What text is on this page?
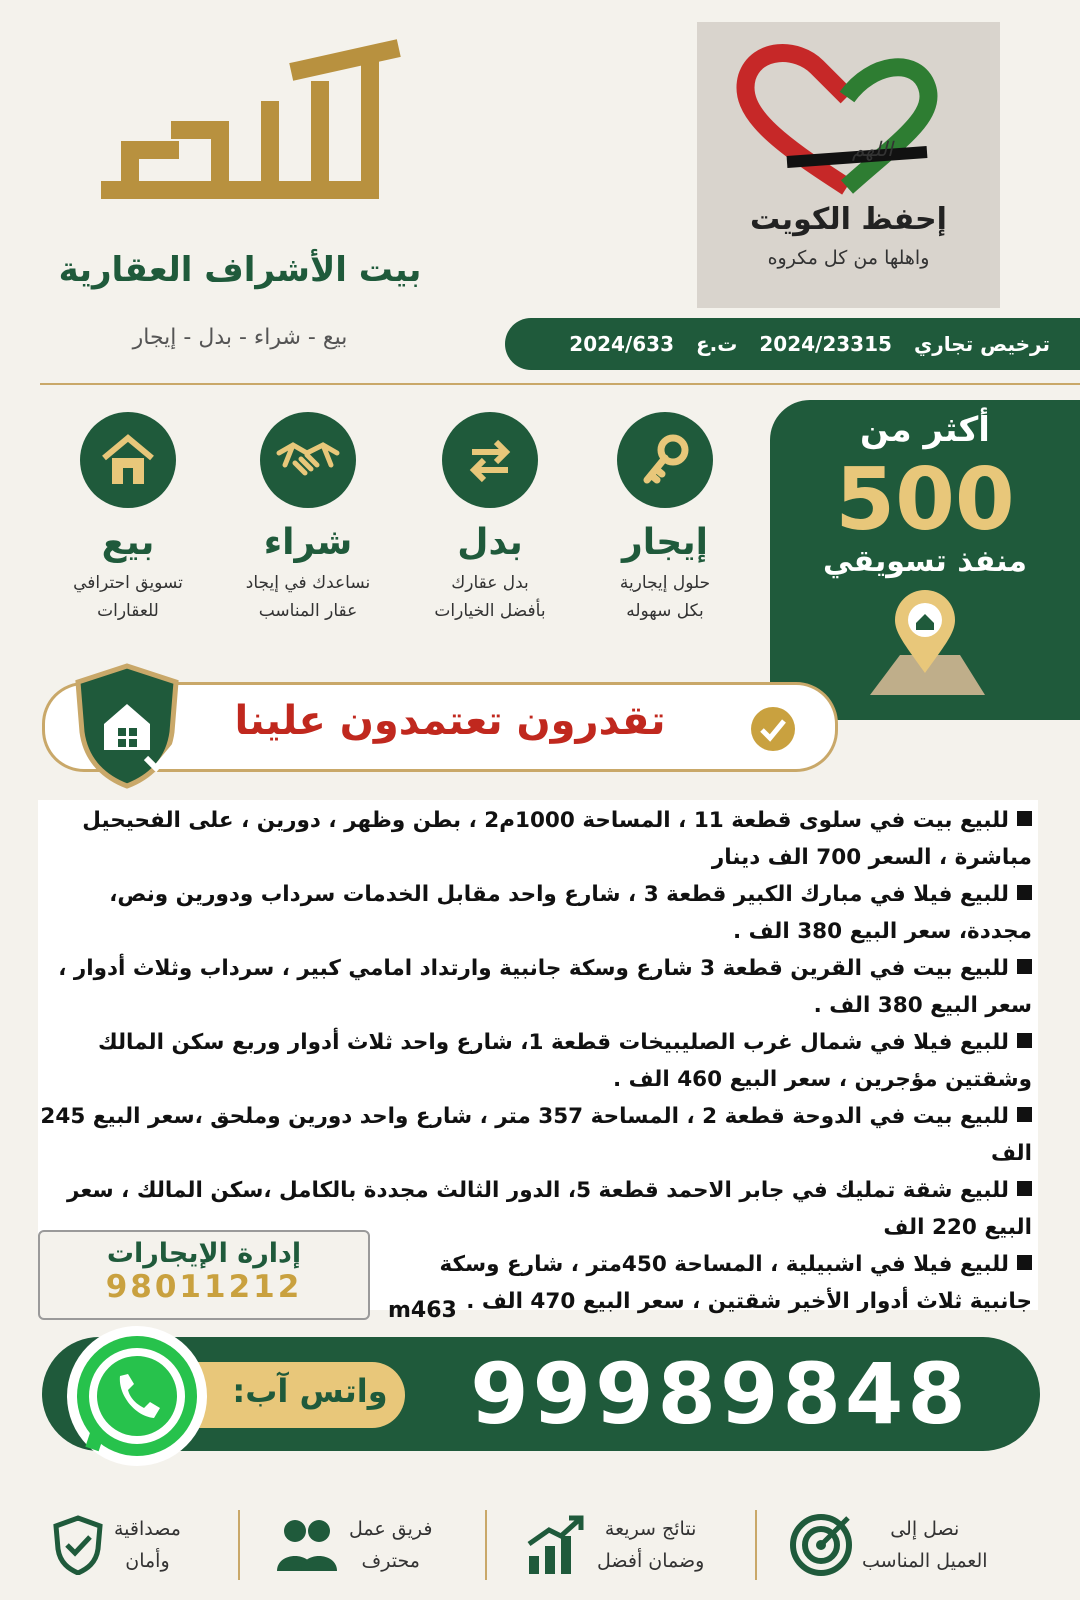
بيت الأشراف العقارية
بيع - شراء - بدل - إيجار
اللهم
إحفظ الكويت
واهلها من كل مكروه
ترخيص تجاري
2024/23315
ت.ع
2024/633
إيجار
حلول إيجارية
بكل سهوله
بدل
بدل عقارك
بأفضل الخيارات
شراء
نساعدك في إيجاد
عقار المناسب
بيع
تسويق احترافي
للعقارات
أكثر من
500
منفذ تسويقي
تقدرون تعتمدون علينا
للبيع بيت في سلوى قطعة 11 ، المساحة 1000م2 ، بطن وظهر ، دورين ، على الفحيحيل مباشرة ، السعر 700 الف دينار
للبيع فيلا في مبارك الكبير قطعة 3 ، شارع واحد مقابل الخدمات سرداب ودورين ونص، مجددة، سعر البيع 380 الف .
للبيع بيت في القرين قطعة 3 شارع وسكة جانبية وارتداد امامي كبير ، سرداب وثلاث أدوار ، سعر البيع 380 الف .
للبيع فيلا في شمال غرب الصليبيخات قطعة 1، شارع واحد ثلاث أدوار وربع سكن المالك وشقتين مؤجرين ، سعر البيع 460 الف .
للبيع بيت في الدوحة قطعة 2 ، المساحة 357 متر ، شارع واحد دورين وملحق ،سعر البيع 245 الف
للبيع شقة تمليك في جابر الاحمد قطعة 5، الدور الثالث مجددة بالكامل ،سكن المالك ، سعر البيع 220 الف
للبيع فيلا في اشبيلية ، المساحة 450متر ، شارع وسكة جانبية ثلاث أدوار الأخير شقتين ، سعر البيع 470 الف .
m463
إدارة الإيجارات
98011212
واتس آب: 99989848
نصل إلى
العميل المناسب
نتائج سريعة
وضمان أفضل
فريق عمل
محترف
مصداقية
وأمان
